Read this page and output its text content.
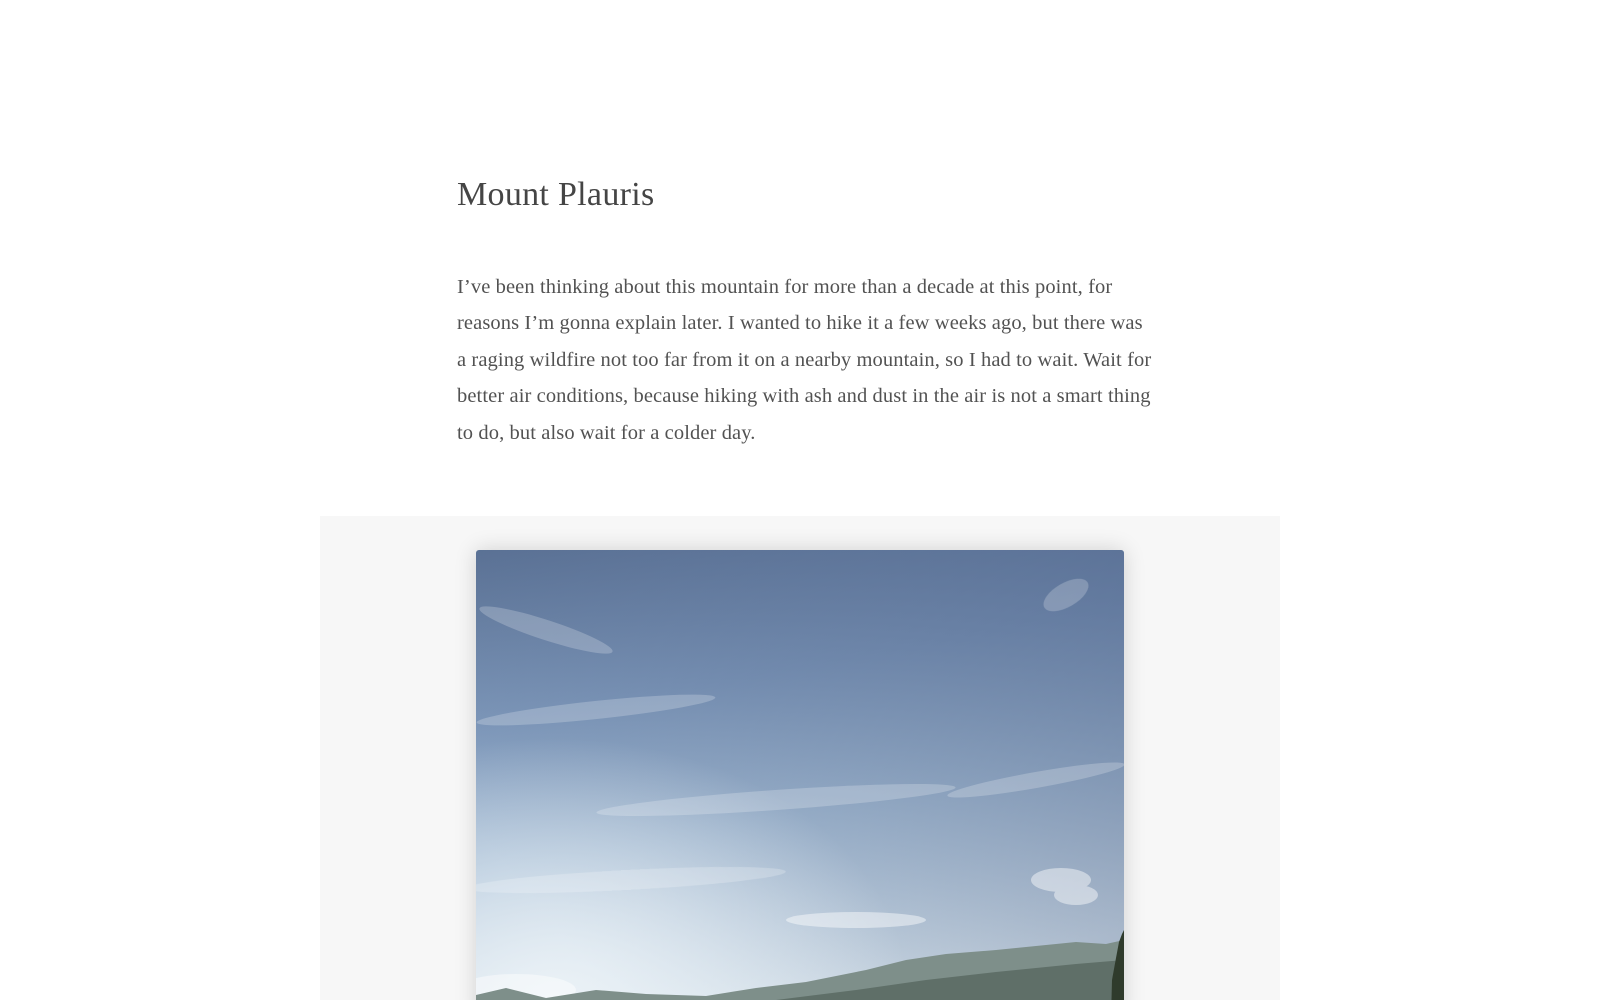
Mount Plauris

I’ve been thinking about this mountain for more than a decade at this point, for reasons I’m gonna explain later. I wanted to hike it a few weeks ago, but there was a raging wildfire not too far from it on a nearby mountain, so I had to wait. Wait for better air conditions, because hiking with ash and dust in the air is not a smart thing to do, but also wait for a colder day.
